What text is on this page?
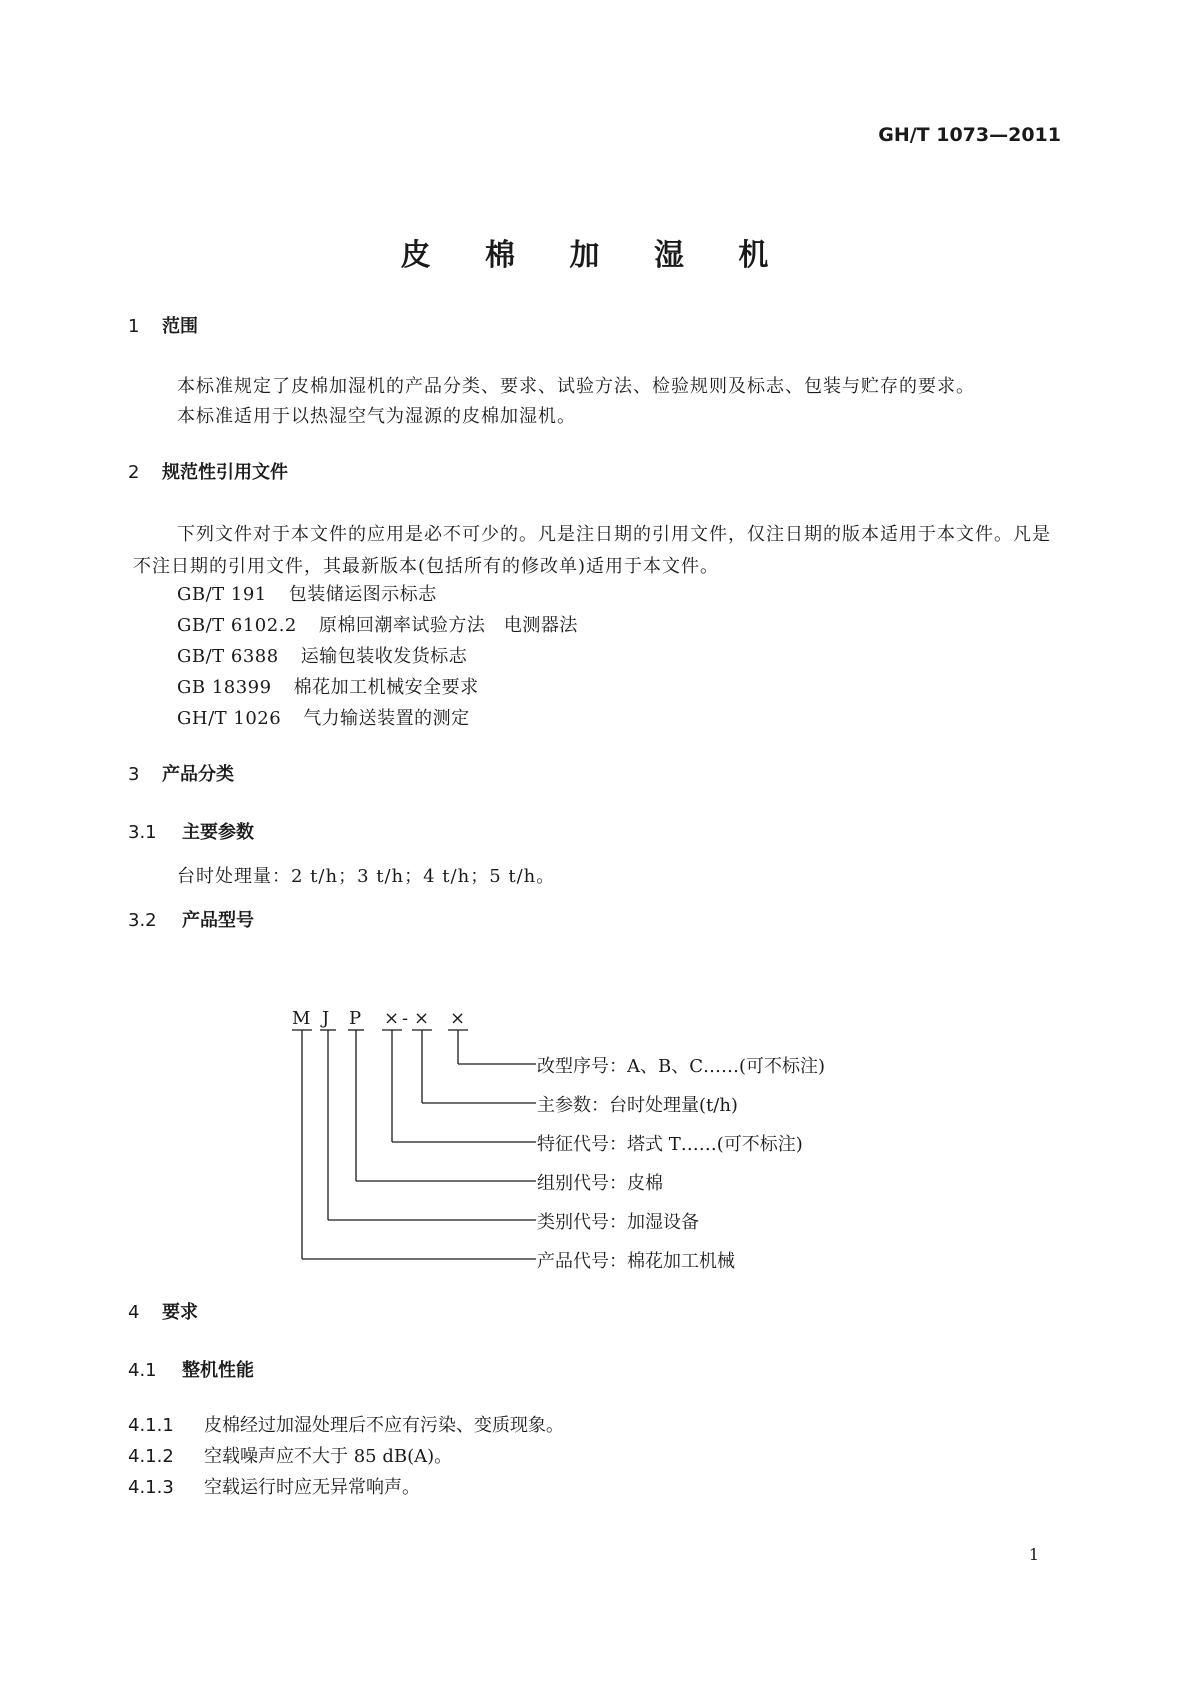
GH/T 1073—2011
皮 棉 加 湿 机
1 范围
本标准规定了皮棉加湿机的产品分类、要求、试验方法、检验规则及标志、包装与贮存的要求。
本标准适用于以热湿空气为湿源的皮棉加湿机。
2 规范性引用文件
下列文件对于本文件的应用是必不可少的。凡是注日期的引用文件，仅注日期的版本适用于本文件。凡是不注日期的引用文件，其最新版本(包括所有的修改单)适用于本文件。
GB/T 191 包装储运图示标志
GB/T 6102.2 原棉回潮率试验方法　电测器法
GB/T 6388 运输包装收发货标志
GB 18399 棉花加工机械安全要求
GH/T 1026 气力输送装置的测定
3 产品分类
3.1 主要参数
台时处理量：2 t/h；3 t/h；4 t/h；5 t/h。
3.2 产品型号
M J P × - × ×
改型序号：A、B、C……(可不标注)
主参数：台时处理量(t/h)
特征代号：塔式 T……(可不标注)
组别代号：皮棉
类别代号：加湿设备
产品代号：棉花加工机械
4 要求
4.1 整机性能
4.1.1 皮棉经过加湿处理后不应有污染、变质现象。
4.1.2 空载噪声应不大于 85 dB(A)。
4.1.3 空载运行时应无异常响声。
1
